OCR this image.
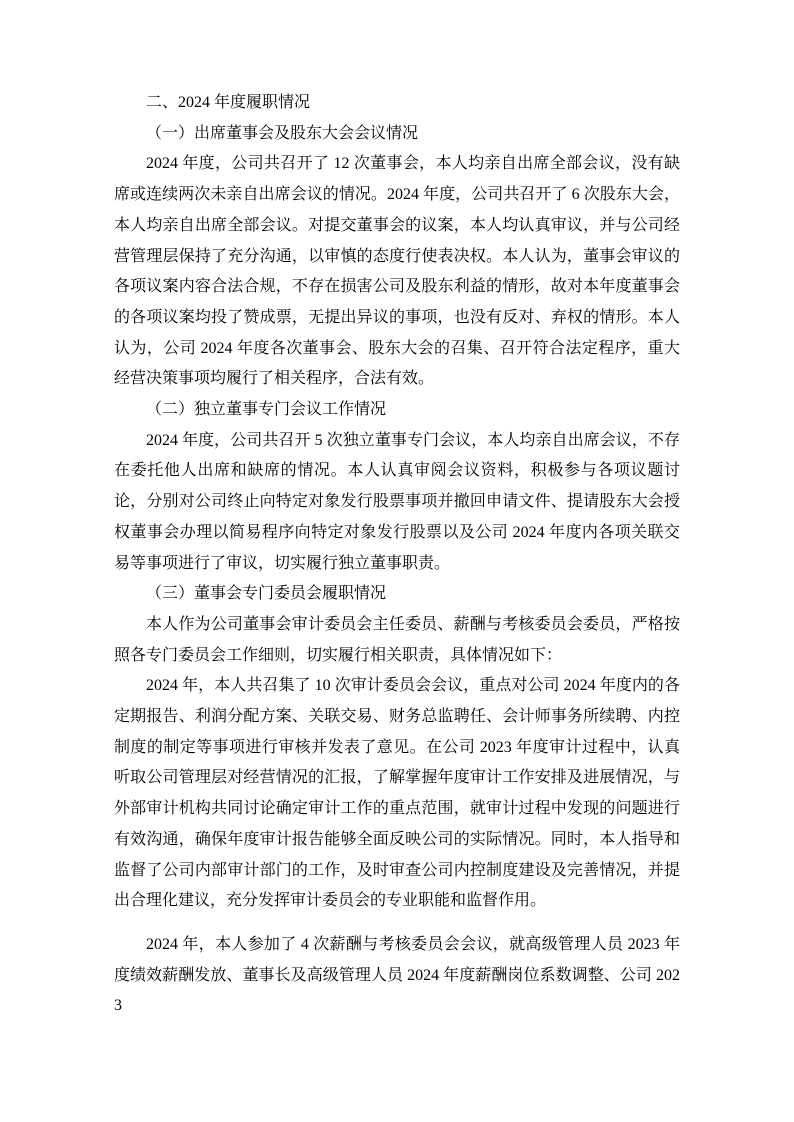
二、2024 年度履职情况
（一）出席董事会及股东大会会议情况

2024 年度，公司共召开了 12 次董事会，本人均亲自出席全部会议，没有缺席或连续两次未亲自出席会议的情况。2024 年度，公司共召开了 6 次股东大会，本人均亲自出席全部会议。对提交董事会的议案，本人均认真审议，并与公司经营管理层保持了充分沟通，以审慎的态度行使表决权。本人认为，董事会审议的各项议案内容合法合规，不存在损害公司及股东利益的情形，故对本年度董事会的各项议案均投了赞成票，无提出异议的事项，也没有反对、弃权的情形。本人认为，公司 2024 年度各次董事会、股东大会的召集、召开符合法定程序，重大经营决策事项均履行了相关程序，合法有效。

（二）独立董事专门会议工作情况

2024 年度，公司共召开 5 次独立董事专门会议，本人均亲自出席会议，不存在委托他人出席和缺席的情况。本人认真审阅会议资料，积极参与各项议题讨论，分别对公司终止向特定对象发行股票事项并撤回申请文件、提请股东大会授权董事会办理以简易程序向特定对象发行股票以及公司 2024 年度内各项关联交易等事项进行了审议，切实履行独立董事职责。

（三）董事会专门委员会履职情况

本人作为公司董事会审计委员会主任委员、薪酬与考核委员会委员，严格按照各专门委员会工作细则，切实履行相关职责，具体情况如下：

2024 年，本人共召集了 10 次审计委员会会议，重点对公司 2024 年度内的各定期报告、利润分配方案、关联交易、财务总监聘任、会计师事务所续聘、内控制度的制定等事项进行审核并发表了意见。在公司 2023 年度审计过程中，认真听取公司管理层对经营情况的汇报，了解掌握年度审计工作安排及进展情况，与外部审计机构共同讨论确定审计工作的重点范围，就审计过程中发现的问题进行有效沟通，确保年度审计报告能够全面反映公司的实际情况。同时，本人指导和监督了公司内部审计部门的工作，及时审查公司内控制度建设及完善情况，并提出合理化建议，充分发挥审计委员会的专业职能和监督作用。

2024 年，本人参加了 4 次薪酬与考核委员会会议，就高级管理人员 2023 年度绩效薪酬发放、董事长及高级管理人员 2024 年度薪酬岗位系数调整、公司 2023
